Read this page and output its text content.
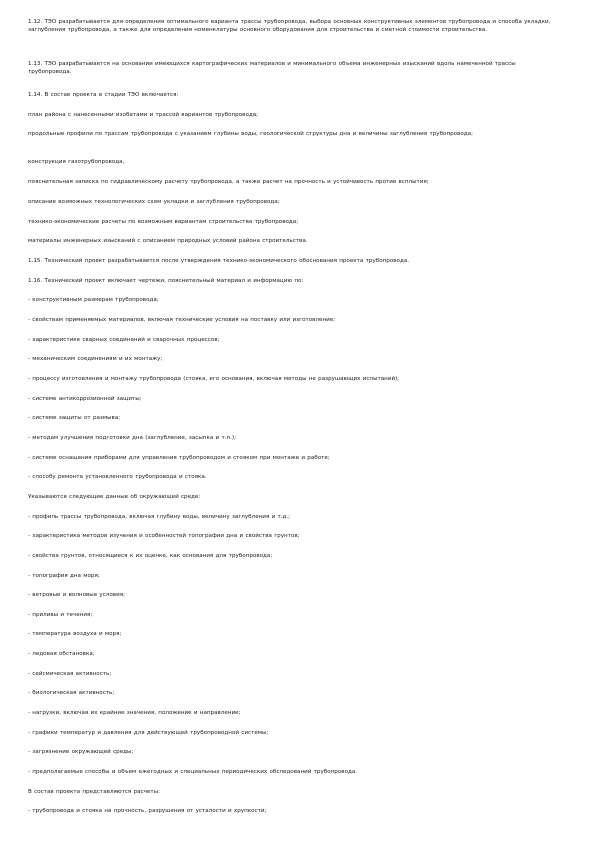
1.12. ТЭО разрабатывается для определения оптимального варианта трассы трубопровода, выбора основных конструктивных элементов трубопровода и способа укладки, заглубления трубопровода, а также для определения номенклатуры основного оборудования для строительства и сметной стоимости строительства.

1.13. ТЭО разрабатывается на основании имеющихся картографических материалов и минимального объема инженерных изысканий вдоль намеченной трассы трубопровода.

1.14. В состав проекта в стадии ТЭО включается:

план района с нанесенными изобатами и трассой вариантов трубопровода;

продольные профили по трассам трубопровода с указанием глубины воды, геологической структуры дна и величины заглубления трубопровода;

конструкция газотрубопровода,

пояснительная записка по гидравлическому расчету трубопровода, а также расчет на прочность и устойчивость против всплытия;

описание возможных технологических схем укладки и заглубления трубопровода;

технико-экономические расчеты по возможным вариантам строительства трубопровода;

материалы инженерных изысканий с описанием природных условий района строительства.

1.15. Технический проект разрабатывается после утверждения технико-экономического обоснования проекта трубопровода.

1.16. Технический проект включает чертежи, пояснительный материал и информацию по:

- конструктивным размерам трубопровода;

- свойствам применяемых материалов, включая технические условия на поставку или изготовление;

- характеристике сварных соединений и сварочных процессов;

- механическим соединениям и их монтажу;

- процессу изготовления и монтажу трубопровода (стояка, его основания, включая методы не разрушающих испытаний);

- системе антикоррозионной защиты;

- системе защиты от размыва;

- методам улучшения подготовки дна (заглубление, засыпка и т.п.);

- системе оснащения приборами для управления трубопроводом и стояком при монтаже и работе;

- способу ремонта установленного трубопровода и стояка.

Указываются следующие данные об окружающей среде:

- профиль трассы трубопровода, включая глубину воды, величину заглубления и т.д.;

- характеристика методов изучения и особенностей топографии дна и свойства грунтов;

- свойства грунтов, относящиеся к их оценке, как основания для трубопровода;

- топография дна моря;

- ветровые и волновые условия;

- приливы и течения;

- температура воздуха и моря;

- ледовая обстановка;

- сейсмическая активность;

- биологическая активность;

- нагрузки, включая их крайние значения, положение и направление;

- графики температур и давления для действующей трубопроводной системы;

- загрязнение окружающей среды;

- предполагаемые способы и объем ежегодных и специальных периодических обследований трубопровода.

В состав проекта представляются расчеты:

- трубопровода и стояка на прочность, разрушения от усталости и хрупкости;
